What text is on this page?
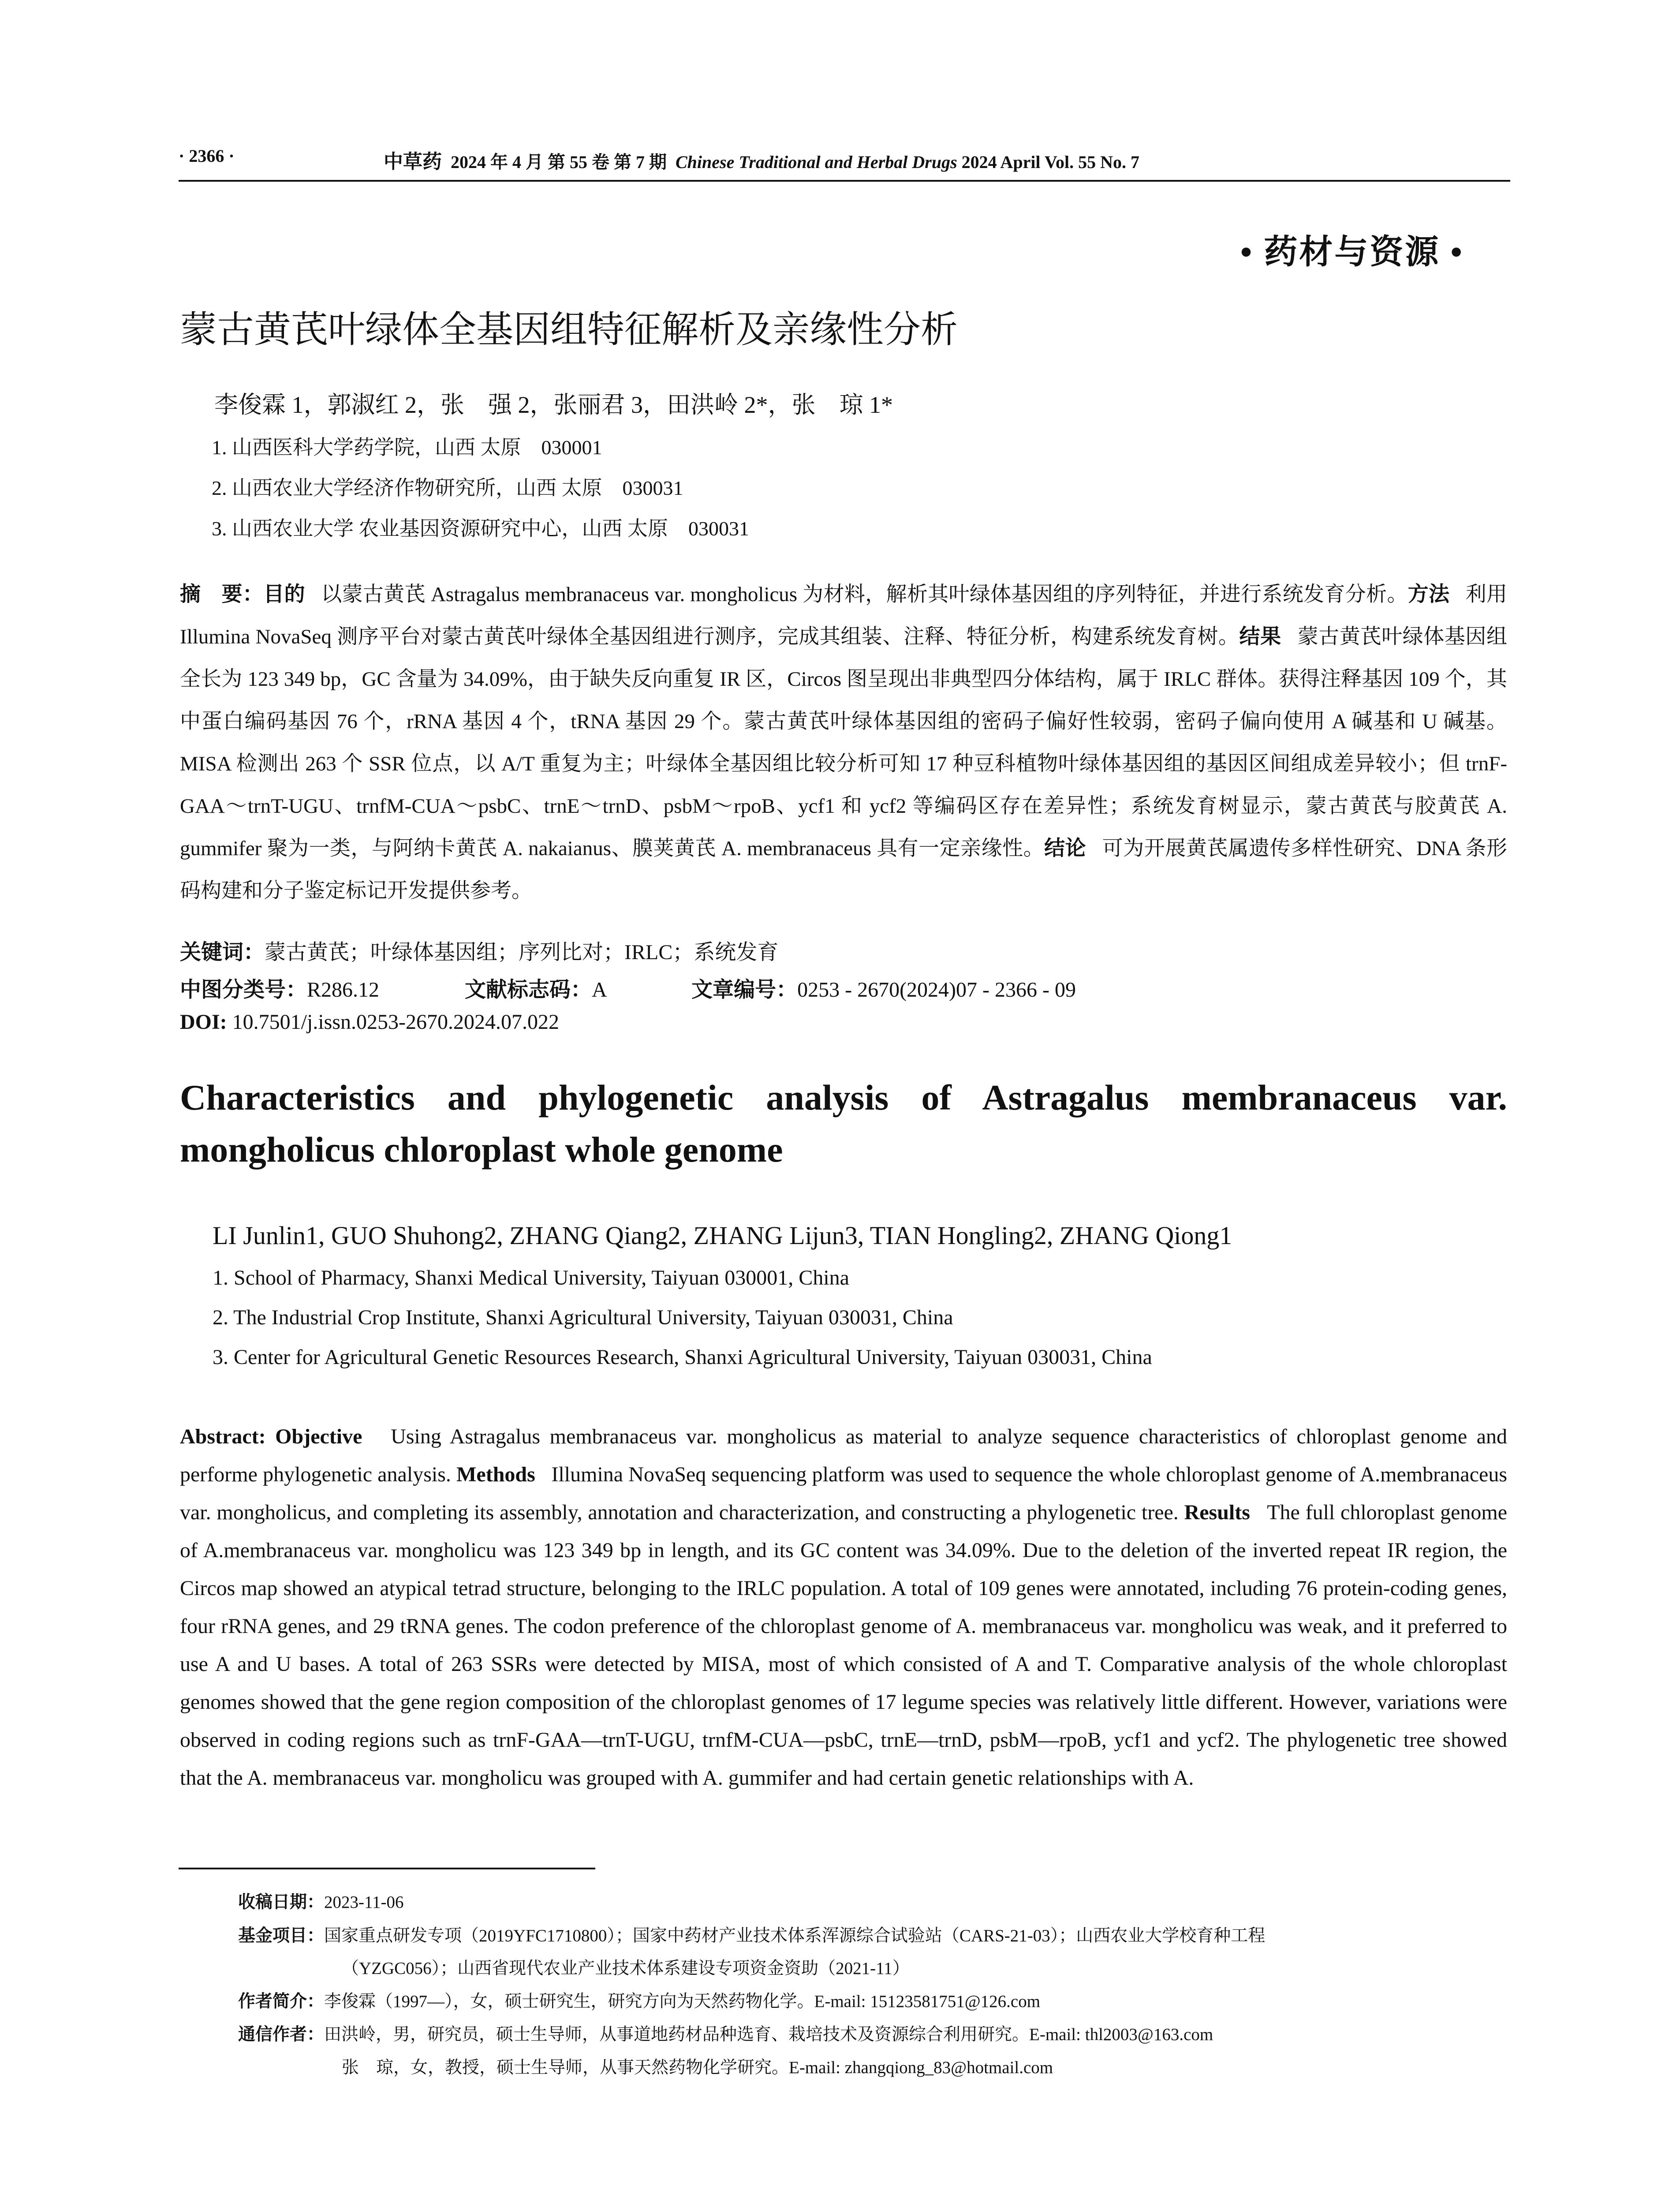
· 2366 ·	中草药 2024 年 4 月 第 55 卷 第 7 期 Chinese Traditional and Herbal Drugs 2024 April Vol. 55 No. 7
• 药材与资源 •
蒙古黄芪叶绿体全基因组特征解析及亲缘性分析
李俊霖 1，郭淑红 2，张　强 2，张丽君 3，田洪岭 2*，张　琼 1*
1. 山西医科大学药学院，山西 太原　030001
2. 山西农业大学经济作物研究所，山西 太原　030031
3. 山西农业大学 农业基因资源研究中心，山西 太原　030031
摘　要：目的 以蒙古黄芪 Astragalus membranaceus var. mongholicus 为材料，解析其叶绿体基因组的序列特征，并进行系统发育分析。方法 利用 Illumina NovaSeq 测序平台对蒙古黄芪叶绿体全基因组进行测序，完成其组装、注释、特征分析，构建系统发育树。结果 蒙古黄芪叶绿体基因组全长为 123 349 bp，GC 含量为 34.09%，由于缺失反向重复 IR 区，Circos 图呈现出非典型四分体结构，属于 IRLC 群体。获得注释基因 109 个，其中蛋白编码基因 76 个，rRNA 基因 4 个，tRNA 基因 29 个。蒙古黄芪叶绿体基因组的密码子偏好性较弱，密码子偏向使用 A 碱基和 U 碱基。MISA 检测出 263 个 SSR 位点，以 A/T 重复为主；叶绿体全基因组比较分析可知 17 种豆科植物叶绿体基因组的基因区间组成差异较小；但 trnF-GAA～trnT-UGU、trnfM-CUA～psbC、trnE～trnD、psbM～rpoB、ycf1 和 ycf2 等编码区存在差异性；系统发育树显示，蒙古黄芪与胶黄芪 A. gummifer 聚为一类，与阿纳卡黄芪 A. nakaianus、膜荚黄芪 A. membranaceus 具有一定亲缘性。结论 可为开展黄芪属遗传多样性研究、DNA 条形码构建和分子鉴定标记开发提供参考。
关键词：蒙古黄芪；叶绿体基因组；序列比对；IRLC；系统发育
中图分类号：R286.12	文献标志码：A	文章编号：0253 - 2670(2024)07 - 2366 - 09
DOI: 10.7501/j.issn.0253-2670.2024.07.022
Characteristics and phylogenetic analysis of Astragalus membranaceus var. mongholicus chloroplast whole genome
LI Junlin1, GUO Shuhong2, ZHANG Qiang2, ZHANG Lijun3, TIAN Hongling2, ZHANG Qiong1
1. School of Pharmacy, Shanxi Medical University, Taiyuan 030001, China
2. The Industrial Crop Institute, Shanxi Agricultural University, Taiyuan 030031, China
3. Center for Agricultural Genetic Resources Research, Shanxi Agricultural University, Taiyuan 030031, China
Abstract: Objective Using Astragalus membranaceus var. mongholicus as material to analyze sequence characteristics of chloroplast genome and performe phylogenetic analysis. Methods Illumina NovaSeq sequencing platform was used to sequence the whole chloroplast genome of A.membranaceus var. mongholicus, and completing its assembly, annotation and characterization, and constructing a phylogenetic tree. Results The full chloroplast genome of A.membranaceus var. mongholicu was 123 349 bp in length, and its GC content was 34.09%. Due to the deletion of the inverted repeat IR region, the Circos map showed an atypical tetrad structure, belonging to the IRLC population. A total of 109 genes were annotated, including 76 protein-coding genes, four rRNA genes, and 29 tRNA genes. The codon preference of the chloroplast genome of A. membranaceus var. mongholicu was weak, and it preferred to use A and U bases. A total of 263 SSRs were detected by MISA, most of which consisted of A and T. Comparative analysis of the whole chloroplast genomes showed that the gene region composition of the chloroplast genomes of 17 legume species was relatively little different. However, variations were observed in coding regions such as trnF-GAA—trnT-UGU, trnfM-CUA—psbC, trnE—trnD, psbM—rpoB, ycf1 and ycf2. The phylogenetic tree showed that the A. membranaceus var. mongholicu was grouped with A. gummifer and had certain genetic relationships with A.
收稿日期：2023-11-06
基金项目：国家重点研发专项（2019YFC1710800）；国家中药材产业技术体系浑源综合试验站（CARS-21-03）；山西农业大学校育种工程
（YZGC056）；山西省现代农业产业技术体系建设专项资金资助（2021-11）
作者简介：李俊霖（1997—），女，硕士研究生，研究方向为天然药物化学。E-mail: 15123581751@126.com
通信作者：田洪岭，男，研究员，硕士生导师，从事道地药材品种选育、栽培技术及资源综合利用研究。E-mail: thl2003@163.com
张　琼，女，教授，硕士生导师，从事天然药物化学研究。E-mail: zhangqiong_83@hotmail.com
